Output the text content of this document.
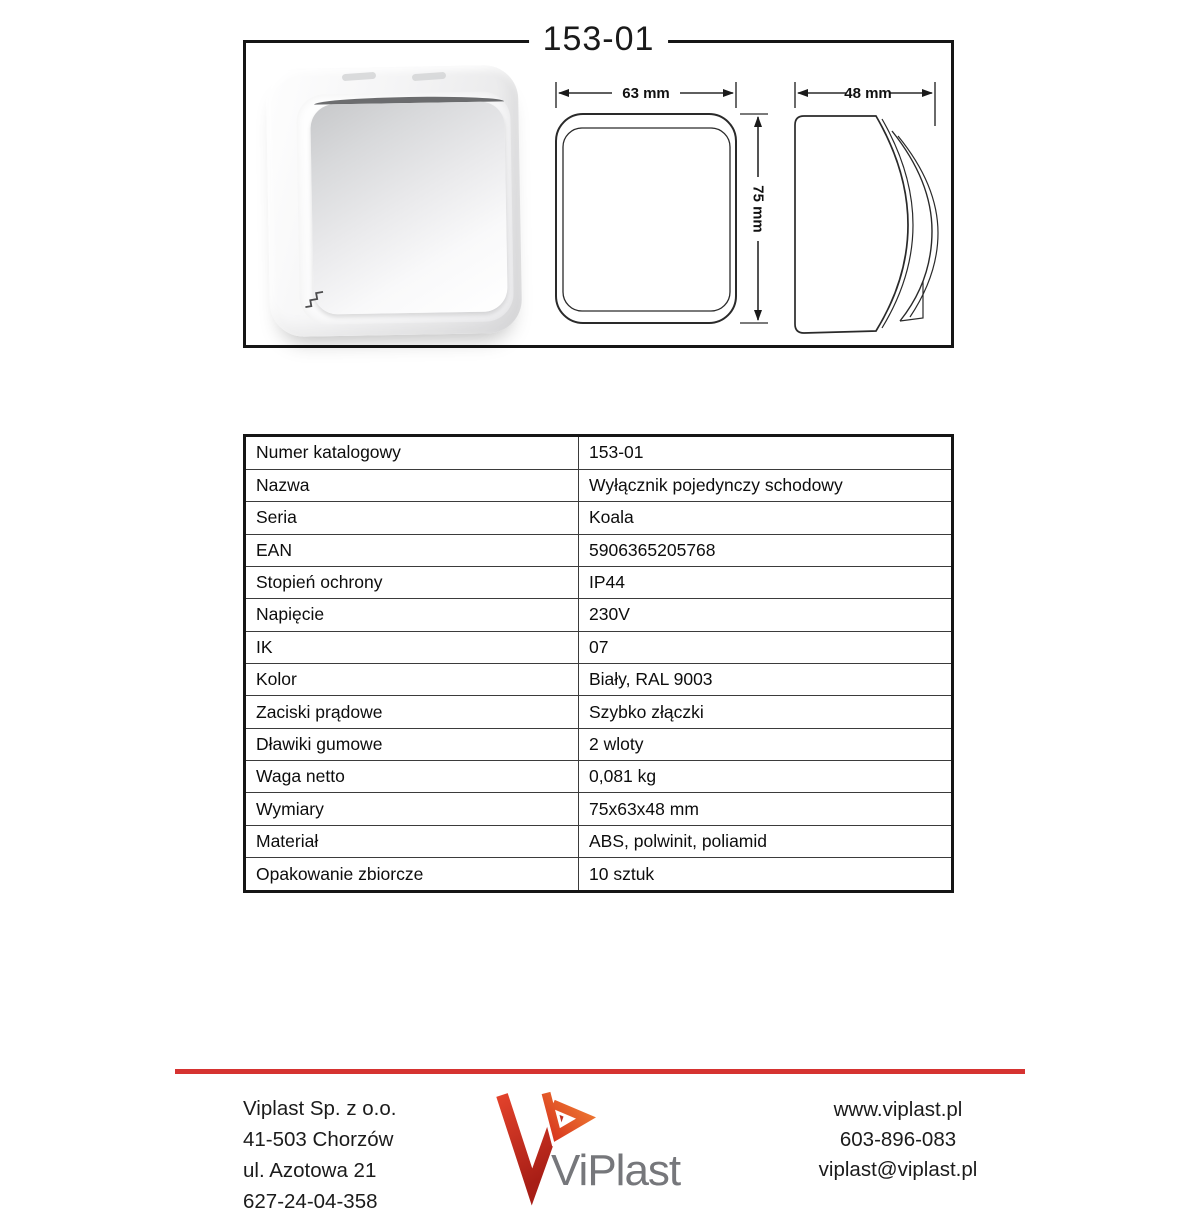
153-01
63 mm
75 mm
48 mm
Numer katalogowy	153-01
Nazwa	Wyłącznik pojedynczy schodowy
Seria	Koala
EAN	5906365205768
Stopień ochrony	IP44
Napięcie	230V
IK	07
Kolor	Biały, RAL 9003
Zaciski prądowe	Szybko złączki
Dławiki gumowe	2 wloty
Waga netto	0,081 kg
Wymiary	75x63x48 mm
Materiał	ABS, polwinit, poliamid
Opakowanie zbiorcze	10 sztuk
Viplast Sp. z o.o.
41-503 Chorzów
ul. Azotowa 21
627-24-04-358
ViPlast
www.viplast.pl
603-896-083
viplast@viplast.pl
